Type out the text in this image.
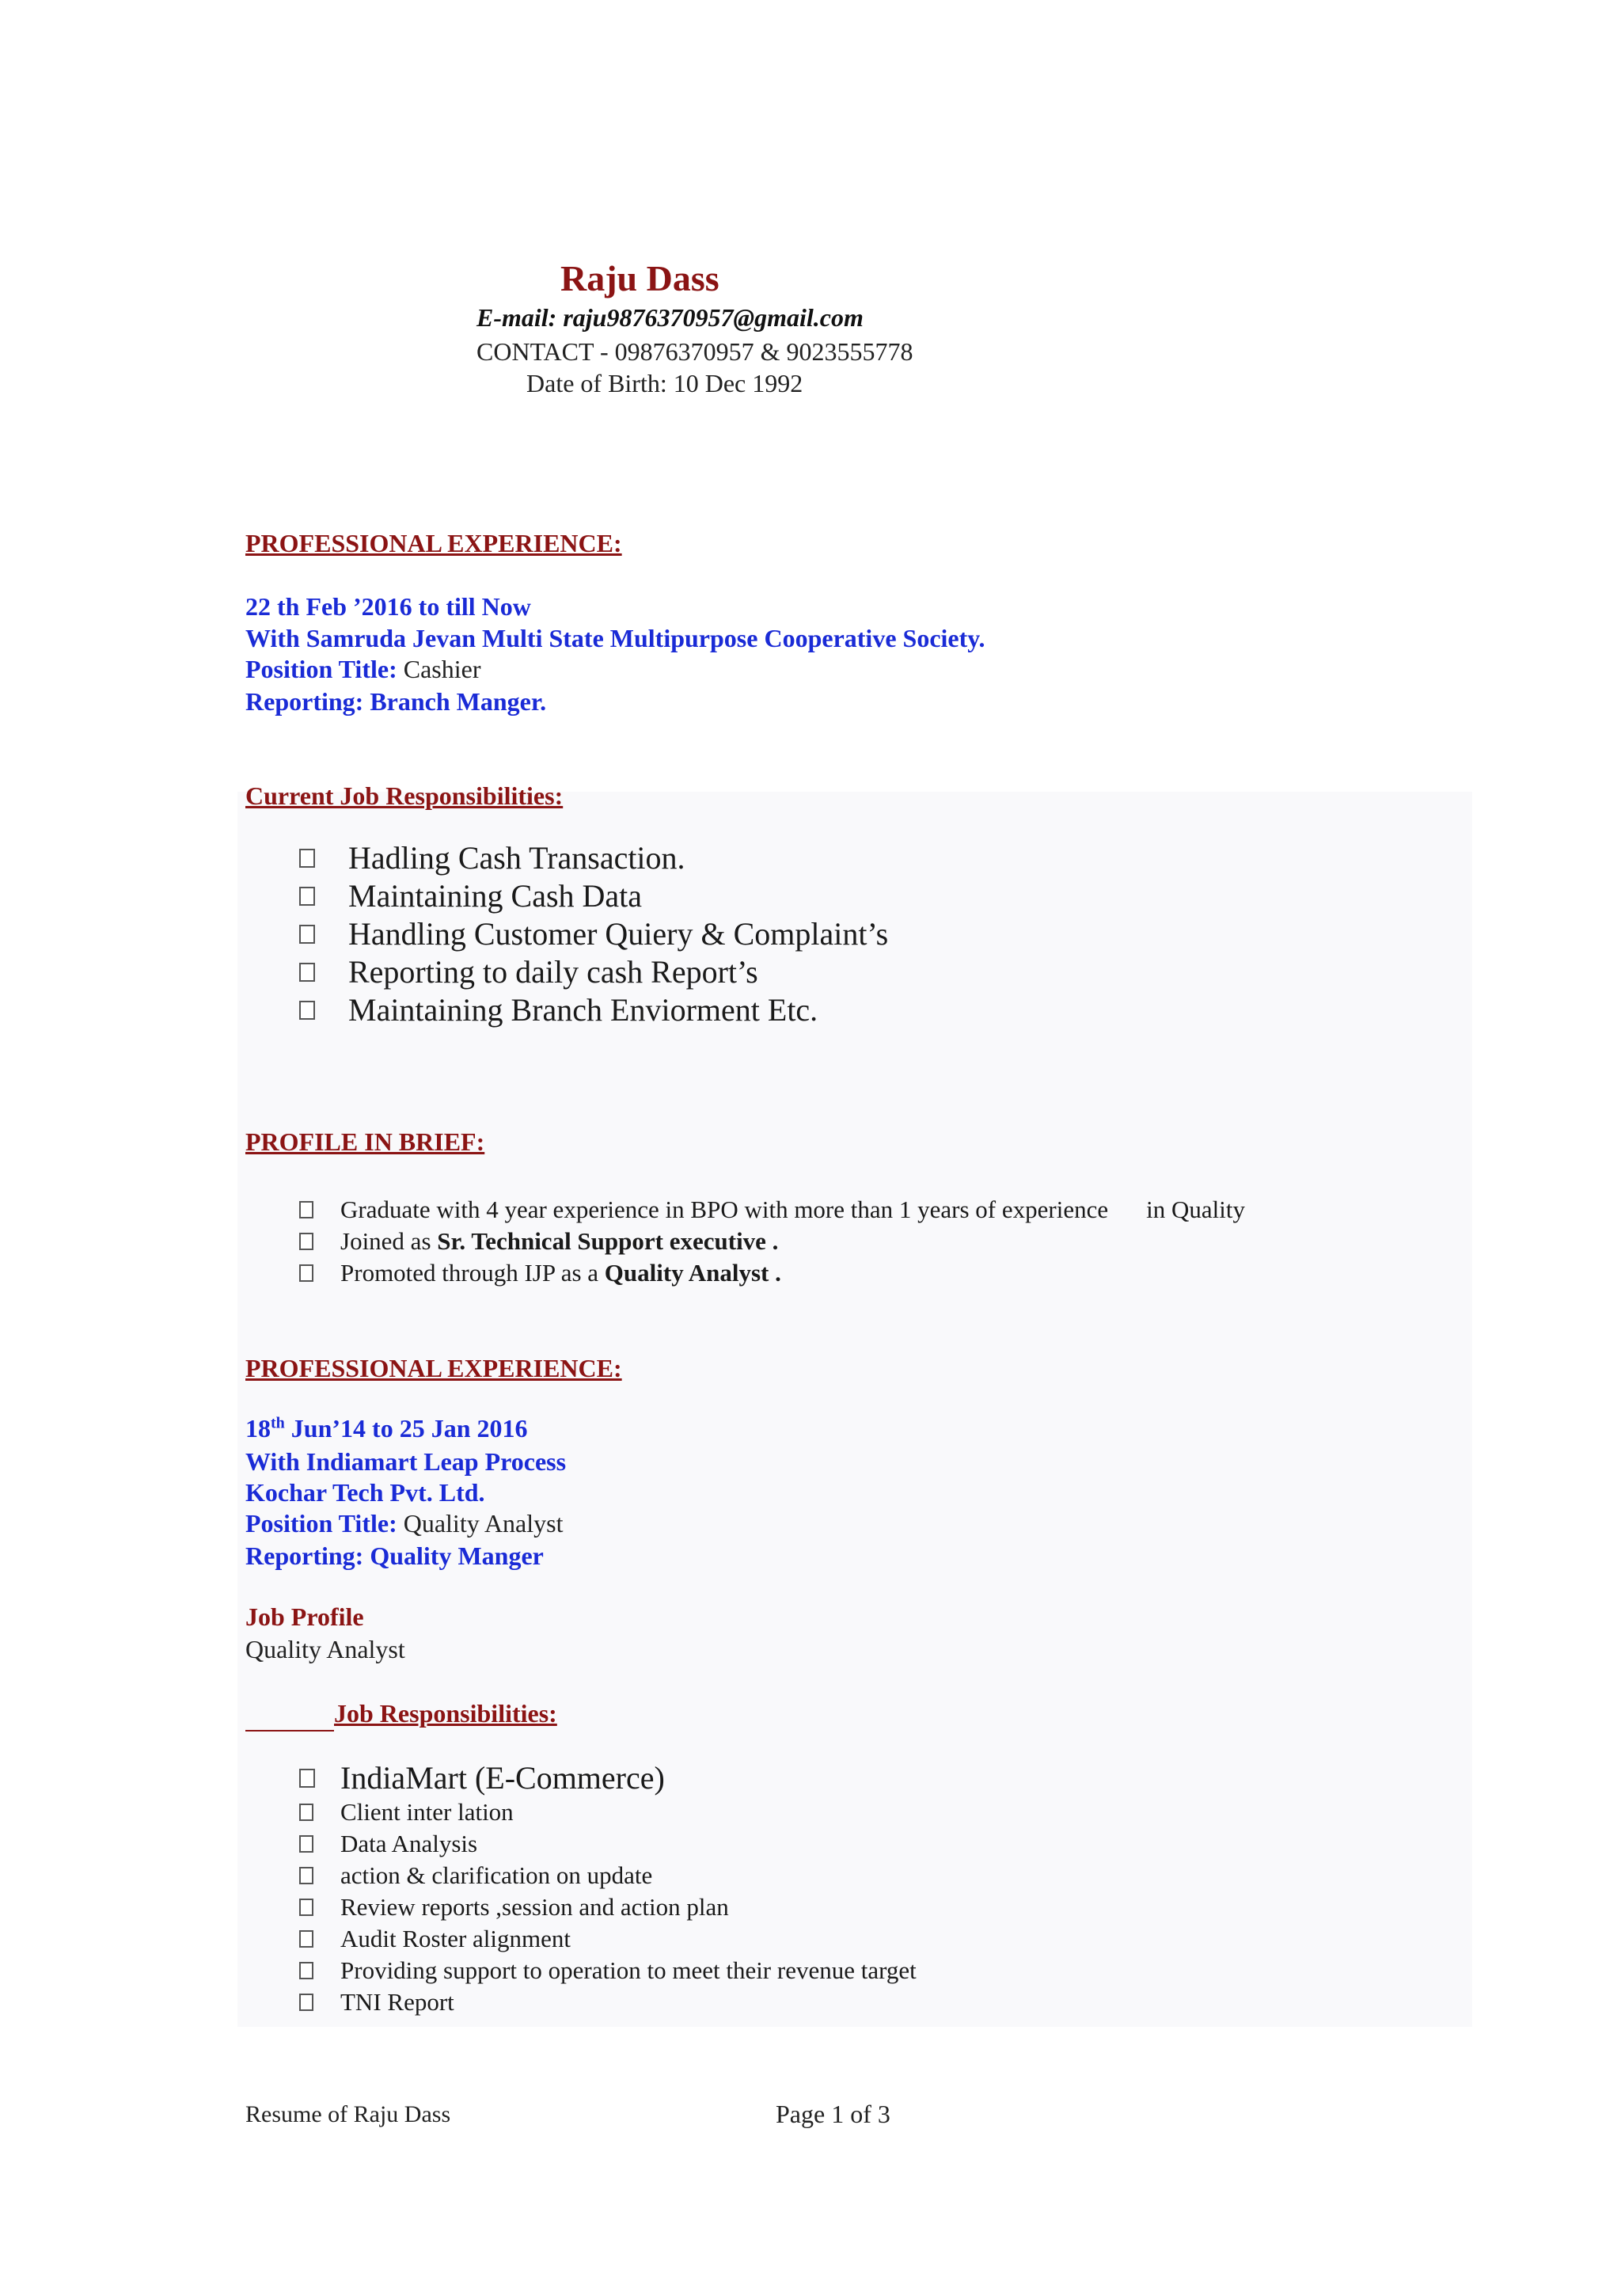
Raju Dass
E-mail: raju9876370957@gmail.com
CONTACT - 09876370957 & 9023555778
Date of Birth: 10 Dec 1992
PROFESSIONAL EXPERIENCE:
22 th Feb ’2016 to till Now
With Samruda Jevan Multi State Multipurpose Cooperative Society.
Position Title: Cashier
Reporting: Branch Manger.
Current Job Responsibilities:
Hadling Cash Transaction.
Maintaining Cash Data
Handling Customer Quiery & Complaint’s
Reporting to daily cash Report’s
Maintaining Branch Enviorment Etc.
PROFILE IN BRIEF:
Graduate with 4 year experience in BPO with more than 1 years of experience in Quality
Joined as Sr. Technical Support executive .
Promoted through IJP as a Quality Analyst .
PROFESSIONAL EXPERIENCE:
18th Jun’14 to 25 Jan 2016
With Indiamart Leap Process
Kochar Tech Pvt. Ltd.
Position Title: Quality Analyst
Reporting: Quality Manger
Job Profile
Quality Analyst
Job Responsibilities:
IndiaMart (E-Commerce)
Client inter lation
Data Analysis
action & clarification on update
Review reports ,session and action plan
Audit Roster alignment
Providing support to operation to meet their revenue target
TNI Report
Resume of Raju Dass	Page 1 of 3
